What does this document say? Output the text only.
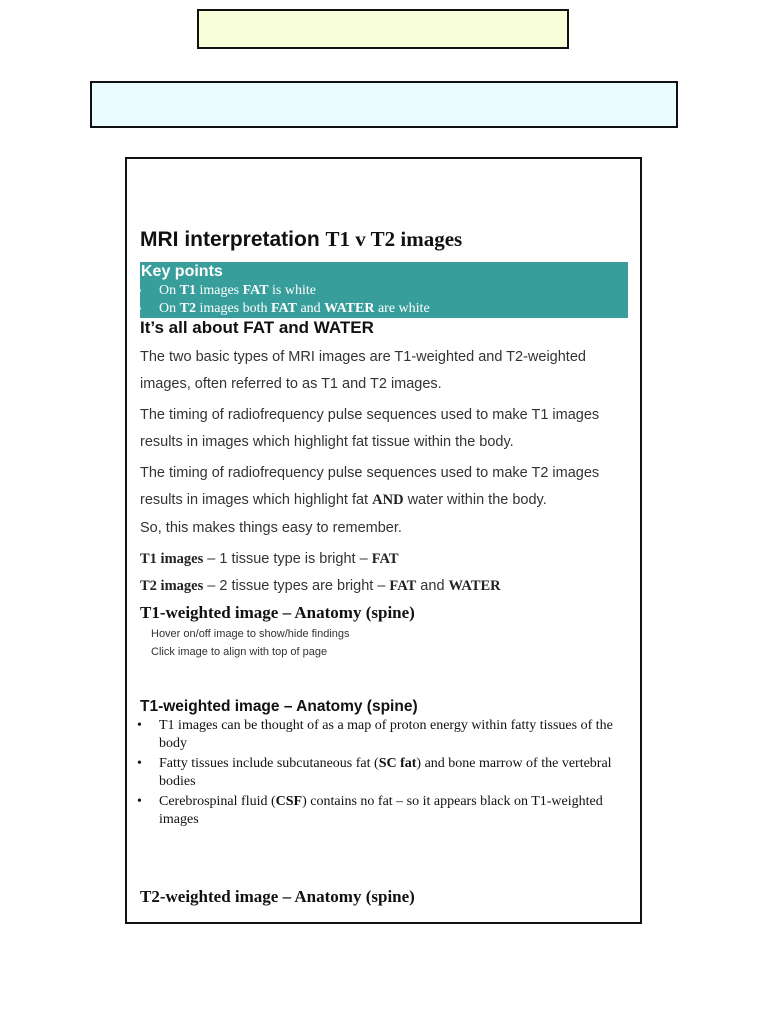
MRI interpretation T1 v T2 images
Key points
• On T1 images FAT is white
• On T2 images both FAT and WATER are white
It’s all about FAT and WATER

The two basic types of MRI images are T1-weighted and T2-weighted images, often referred to as T1 and T2 images.

The timing of radiofrequency pulse sequences used to make T1 images results in images which highlight fat tissue within the body.

The timing of radiofrequency pulse sequences used to make T2 images results in images which highlight fat AND water within the body.

So, this makes things easy to remember.

T1 images – 1 tissue type is bright – FAT

T2 images – 2 tissue types are bright – FAT and WATER

T1-weighted image – Anatomy (spine)

Hover on/off image to show/hide findings

Click image to align with top of page

T1-weighted image – Anatomy (spine)
• T1 images can be thought of as a map of proton energy within fatty tissues of the body
• Fatty tissues include subcutaneous fat (SC fat) and bone marrow of the vertebral bodies
• Cerebrospinal fluid (CSF) contains no fat – so it appears black on T1-weighted images
T2-weighted image – Anatomy (spine)
